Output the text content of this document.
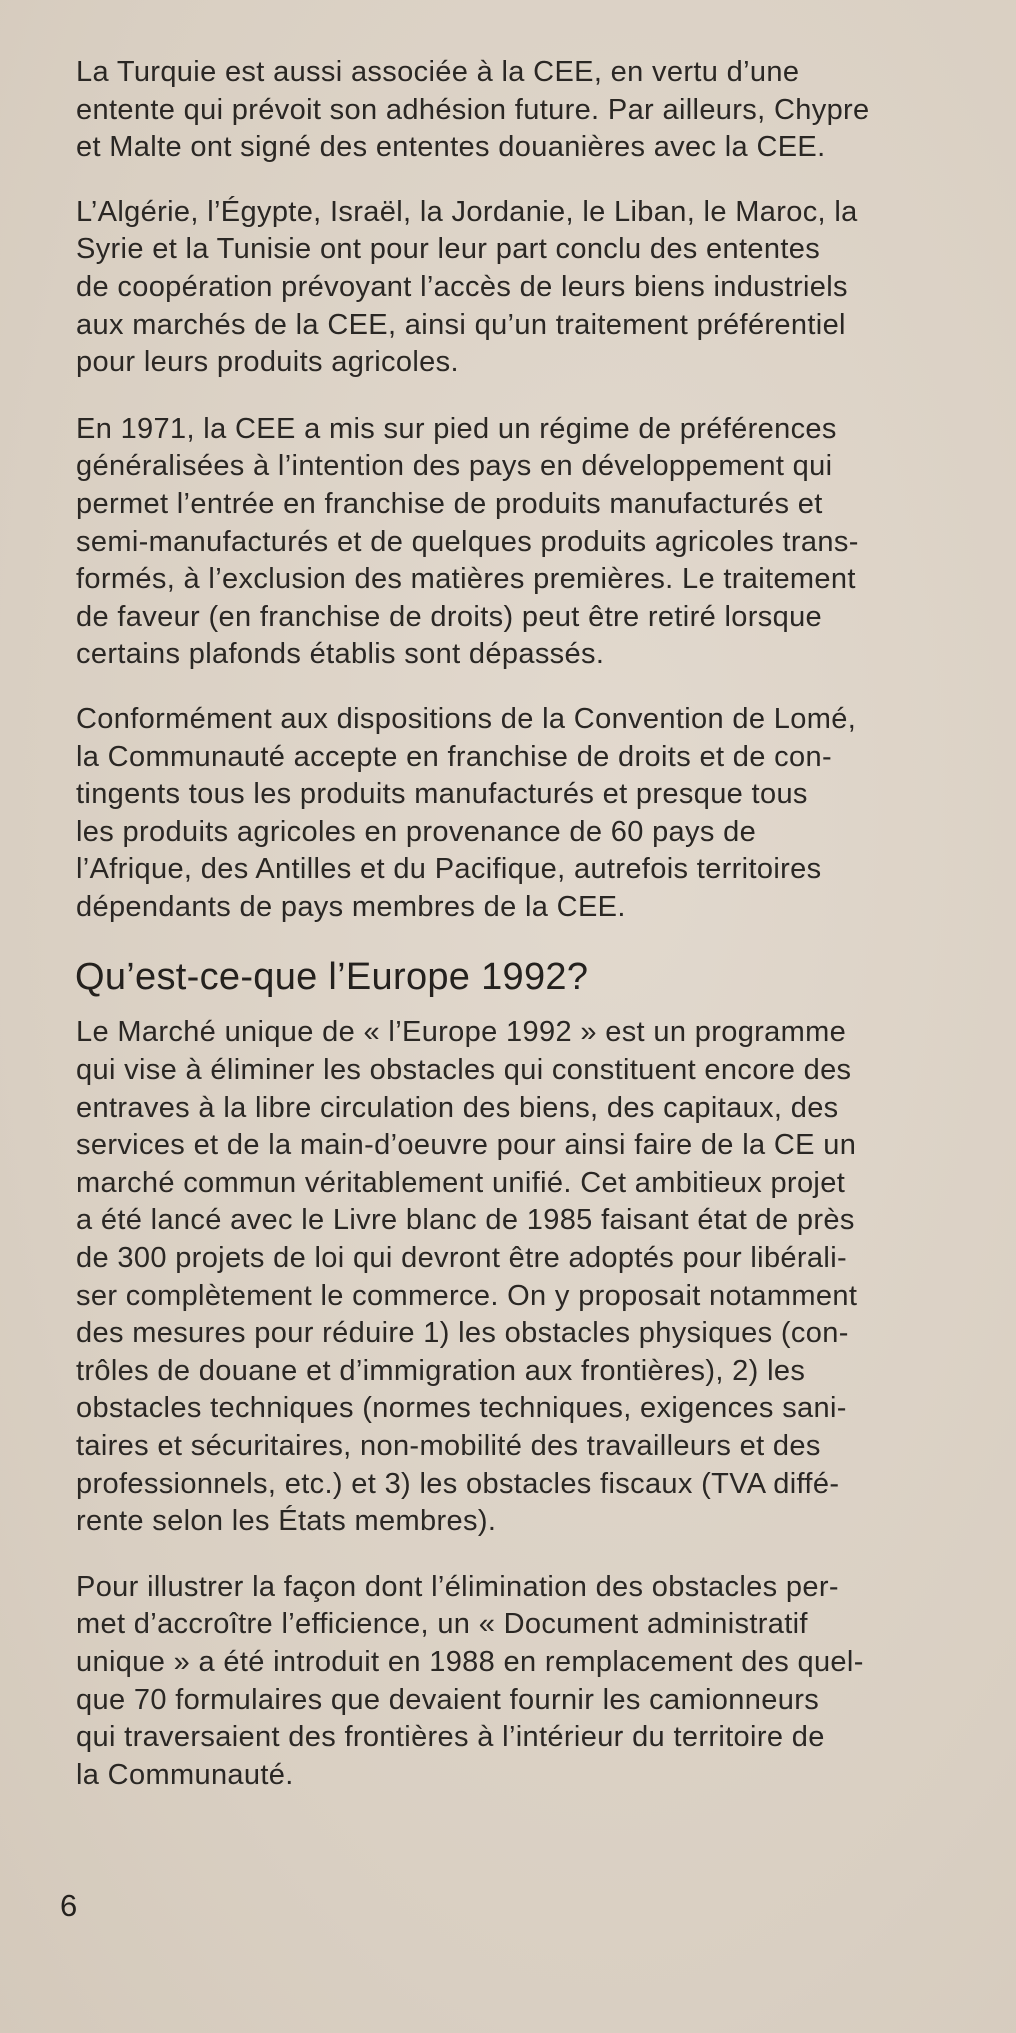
La Turquie est aussi associée à la CEE, en vertu d’une
entente qui prévoit son adhésion future. Par ailleurs, Chypre
et Malte ont signé des ententes douanières avec la CEE.

L’Algérie, l’Égypte, Israël, la Jordanie, le Liban, le Maroc, la
Syrie et la Tunisie ont pour leur part conclu des ententes
de coopération prévoyant l’accès de leurs biens industriels
aux marchés de la CEE, ainsi qu’un traitement préférentiel
pour leurs produits agricoles.

En 1971, la CEE a mis sur pied un régime de préférences
généralisées à l’intention des pays en développement qui
permet l’entrée en franchise de produits manufacturés et
semi-manufacturés et de quelques produits agricoles trans-
formés, à l’exclusion des matières premières. Le traitement
de faveur (en franchise de droits) peut être retiré lorsque
certains plafonds établis sont dépassés.

Conformément aux dispositions de la Convention de Lomé,
la Communauté accepte en franchise de droits et de con-
tingents tous les produits manufacturés et presque tous
les produits agricoles en provenance de 60 pays de
l’Afrique, des Antilles et du Pacifique, autrefois territoires
dépendants de pays membres de la CEE.

Qu’est-ce-que l’Europe 1992?

Le Marché unique de « l’Europe 1992 » est un programme
qui vise à éliminer les obstacles qui constituent encore des
entraves à la libre circulation des biens, des capitaux, des
services et de la main-d’oeuvre pour ainsi faire de la CE un
marché commun véritablement unifié. Cet ambitieux projet
a été lancé avec le Livre blanc de 1985 faisant état de près
de 300 projets de loi qui devront être adoptés pour libérali-
ser complètement le commerce. On y proposait notamment
des mesures pour réduire 1) les obstacles physiques (con-
trôles de douane et d’immigration aux frontières), 2) les
obstacles techniques (normes techniques, exigences sani-
taires et sécuritaires, non-mobilité des travailleurs et des
professionnels, etc.) et 3) les obstacles fiscaux (TVA diffé-
rente selon les États membres).

Pour illustrer la façon dont l’élimination des obstacles per-
met d’accroître l’efficience, un « Document administratif
unique » a été introduit en 1988 en remplacement des quel-
que 70 formulaires que devaient fournir les camionneurs
qui traversaient des frontières à l’intérieur du territoire de
la Communauté.

6
